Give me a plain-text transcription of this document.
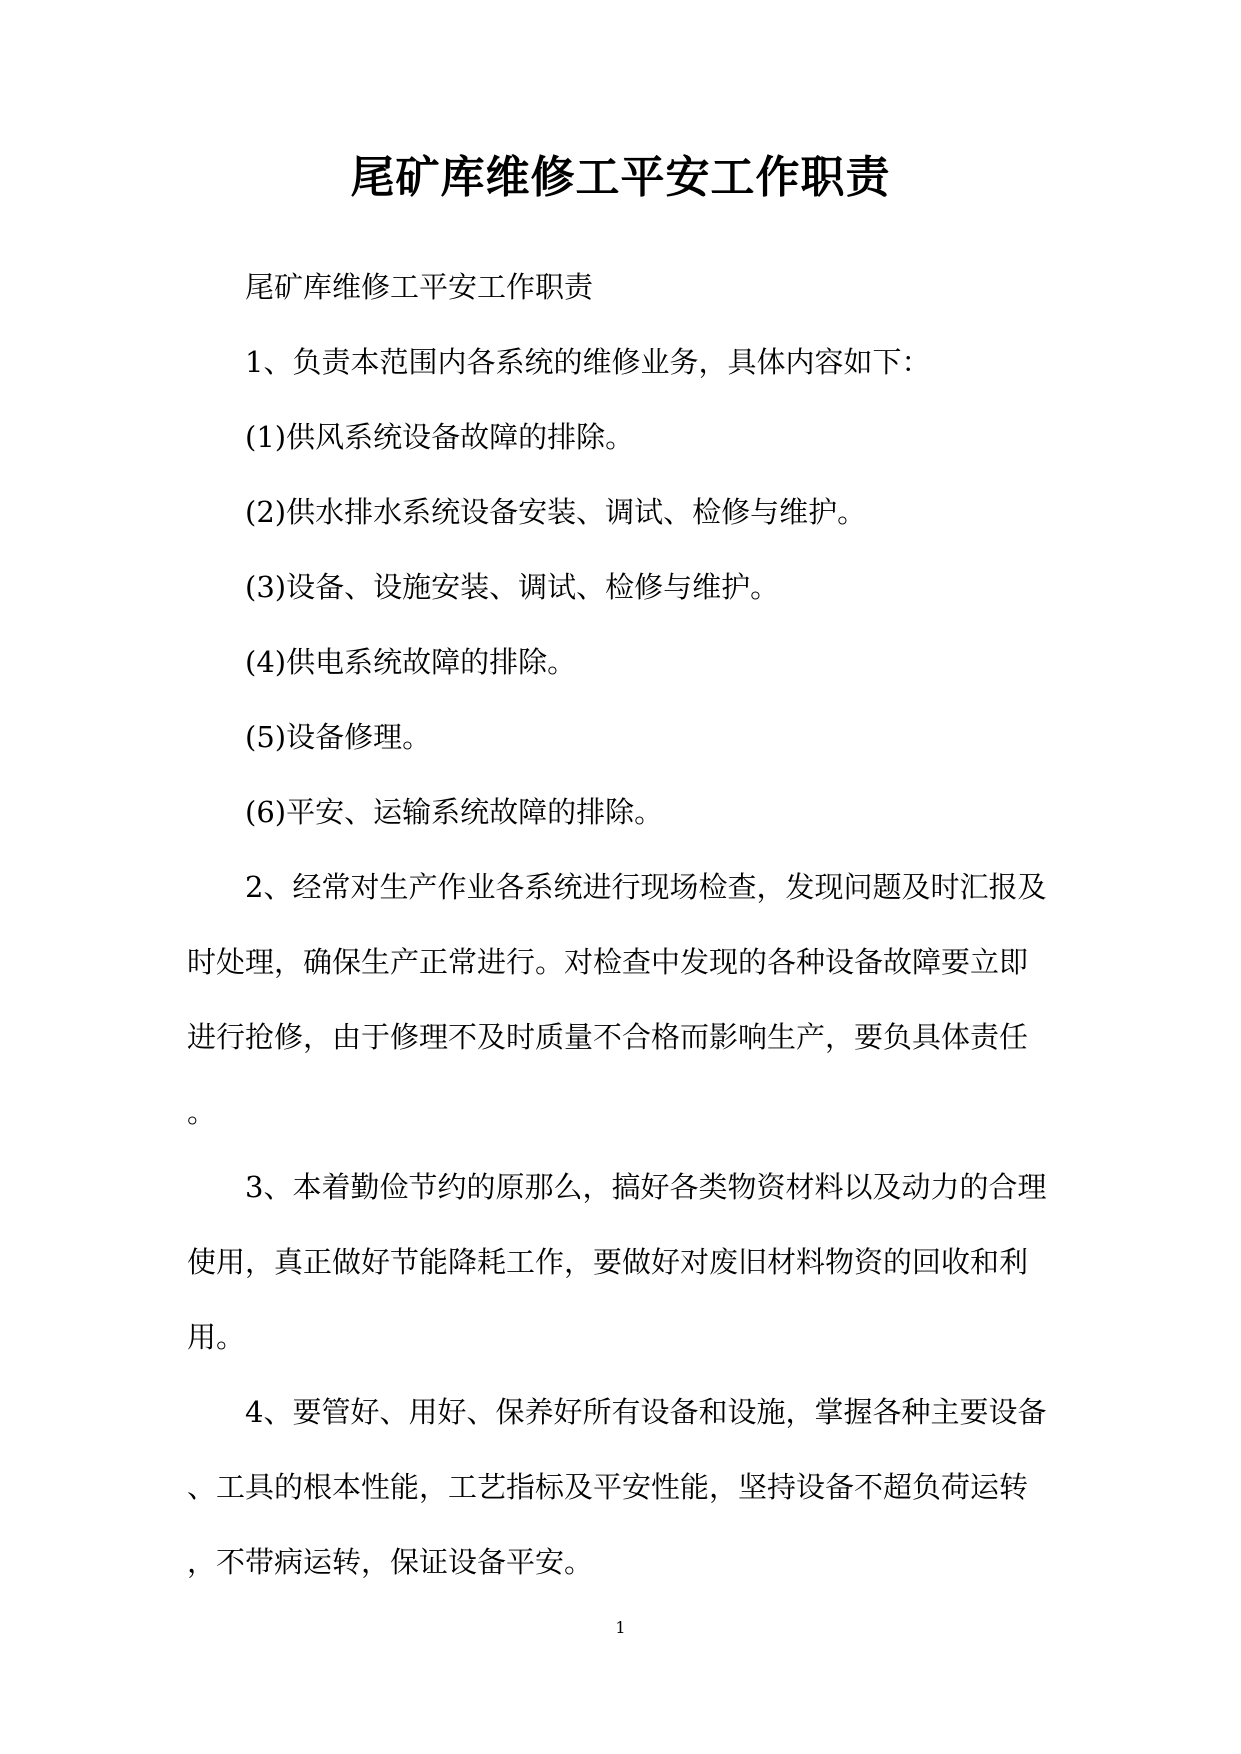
尾矿库维修工平安工作职责

尾矿库维修工平安工作职责

1、负责本范围内各系统的维修业务，具体内容如下：

(1)供风系统设备故障的排除。

(2)供水排水系统设备安装、调试、检修与维护。

(3)设备、设施安装、调试、检修与维护。

(4)供电系统故障的排除。

(5)设备修理。

(6)平安、运输系统故障的排除。

2、经常对生产作业各系统进行现场检查，发现问题及时汇报及
时处理，确保生产正常进行。对检查中发现的各种设备故障要立即
进行抢修，由于修理不及时质量不合格而影响生产，要负具体责任
。

3、本着勤俭节约的原那么，搞好各类物资材料以及动力的合理
使用，真正做好节能降耗工作，要做好对废旧材料物资的回收和利
用。

4、要管好、用好、保养好所有设备和设施，掌握各种主要设备
、工具的根本性能，工艺指标及平安性能，坚持设备不超负荷运转
，不带病运转，保证设备平安。

1
